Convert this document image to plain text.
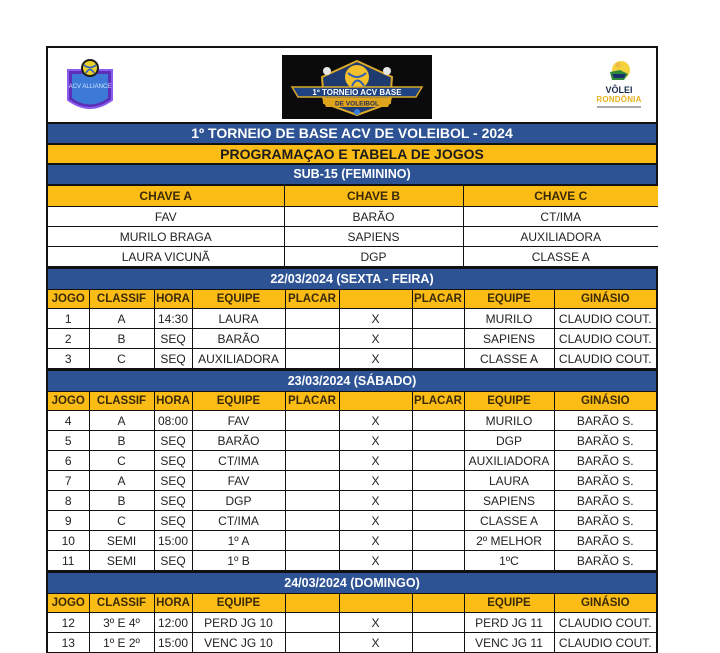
ACV ALLIANCE
1º TORNEIO ACV BASE
DE VOLEIBOL
VÔLEI
RONDÔNIA
1º TORNEIO DE BASE ACV DE VOLEIBOL - 2024
PROGRAMAÇAO E TABELA DE JOGOS
SUB-15 (FEMININO)
CHAVE A	CHAVE B	CHAVE C
FAV	BARÃO	CT/IMA
MURILO BRAGA	SAPIENS	AUXILIADORA
LAURA VICUNÃ	DGP	CLASSE A
22/03/2024 (SEXTA - FEIRA)
JOGO	CLASSIF	HORA	EQUIPE	PLACAR		PLACAR	EQUIPE	GINÁSIO
1	A	14:30	LAURA		X		MURILO	CLAUDIO COUT.
2	B	SEQ	BARÃO		X		SAPIENS	CLAUDIO COUT.
3	C	SEQ	AUXILIADORA		X		CLASSE A	CLAUDIO COUT.
23/03/2024 (SÁBADO)
JOGO	CLASSIF	HORA	EQUIPE	PLACAR		PLACAR	EQUIPE	GINÁSIO
4	A	08:00	FAV		X		MURILO	BARÃO S.
5	B	SEQ	BARÃO		X		DGP	BARÃO S.
6	C	SEQ	CT/IMA		X		AUXILIADORA	BARÃO S.
7	A	SEQ	FAV		X		LAURA	BARÃO S.
8	B	SEQ	DGP		X		SAPIENS	BARÃO S.
9	C	SEQ	CT/IMA		X		CLASSE A	BARÃO S.
10	SEMI	15:00	1º A		X		2º MELHOR	BARÃO S.
11	SEMI	SEQ	1º B		X		1ºC	BARÃO S.
24/03/2024 (DOMINGO)
JOGO	CLASSIF	HORA	EQUIPE				EQUIPE	GINÁSIO
12	3º E 4º	12:00	PERD JG 10		X		PERD JG 11	CLAUDIO COUT.
13	1º E 2º	15:00	VENC JG 10		X		VENC JG 11	CLAUDIO COUT.
